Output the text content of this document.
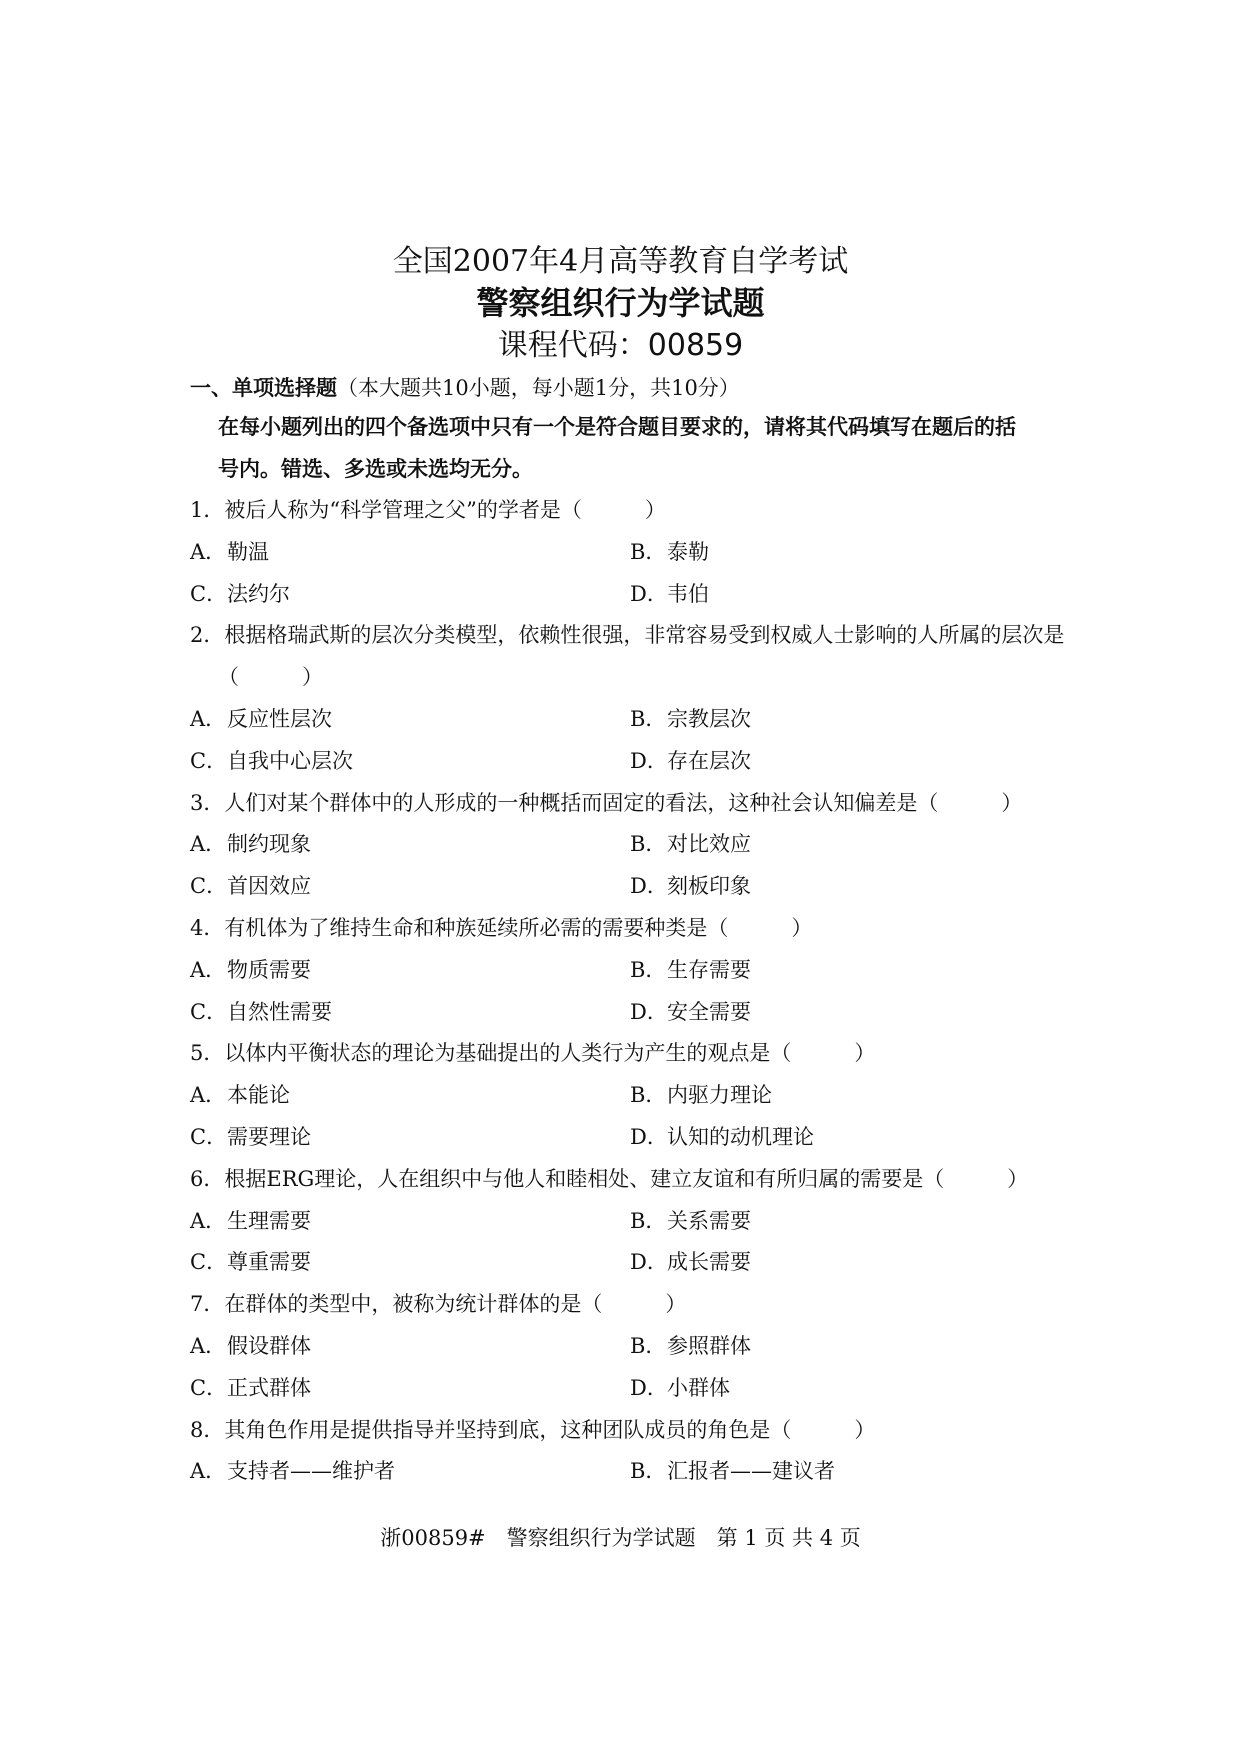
全国2007年4月高等教育自学考试
警察组织行为学试题
课程代码：00859
一、单项选择题（本大题共10小题，每小题1分，共10分）
在每小题列出的四个备选项中只有一个是符合题目要求的，请将其代码填写在题后的括
号内。错选、多选或未选均无分。
1．被后人称为“科学管理之父”的学者是（　　　）
A．勒温	B．泰勒
C．法约尔	D．韦伯
2．根据格瑞武斯的层次分类模型，依赖性很强，非常容易受到权威人士影响的人所属的层次是（　　　）
A．反应性层次	B．宗教层次
C．自我中心层次	D．存在层次
3．人们对某个群体中的人形成的一种概括而固定的看法，这种社会认知偏差是（　　　）
A．制约现象	B．对比效应
C．首因效应	D．刻板印象
4．有机体为了维持生命和种族延续所必需的需要种类是（　　　）
A．物质需要	B．生存需要
C．自然性需要	D．安全需要
5．以体内平衡状态的理论为基础提出的人类行为产生的观点是（　　　）
A．本能论	B．内驱力理论
C．需要理论	D．认知的动机理论
6．根据ERG理论，人在组织中与他人和睦相处、建立友谊和有所归属的需要是（　　　）
A．生理需要	B．关系需要
C．尊重需要	D．成长需要
7．在群体的类型中，被称为统计群体的是（　　　）
A．假设群体	B．参照群体
C．正式群体	D．小群体
8．其角色作用是提供指导并坚持到底，这种团队成员的角色是（　　　）
A．支持者——维护者	B．汇报者——建议者
浙00859#　警察组织行为学试题　第 1 页 共 4 页
